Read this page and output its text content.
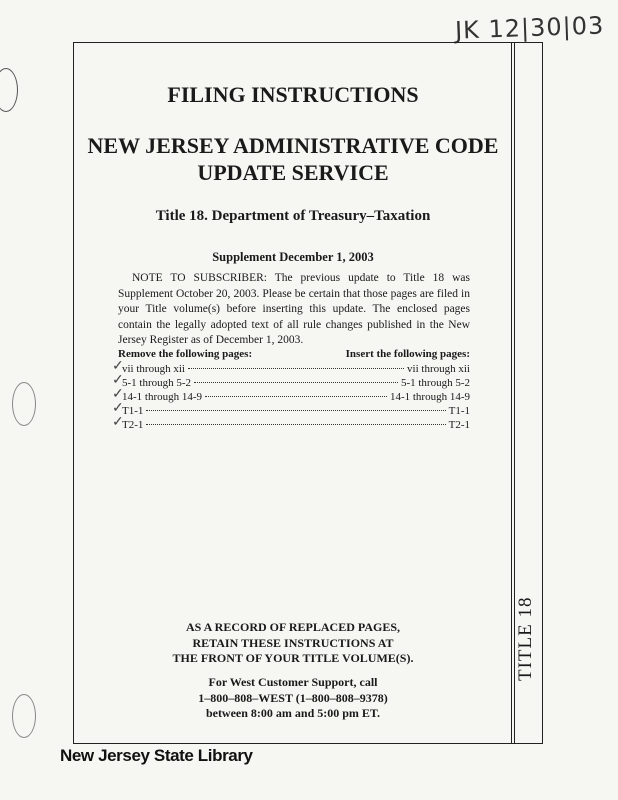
JK 12|30|03
TITLE 18
FILING INSTRUCTIONS
NEW JERSEY ADMINISTRATIVE CODE
UPDATE SERVICE
Title 18. Department of Treasury–Taxation
Supplement December 1, 2003
NOTE TO SUBSCRIBER: The previous update to Title 18 was Supplement October 20, 2003. Please be certain that those pages are filed in your Title volume(s) before inserting this update. The enclosed pages contain the legally adopted text of all rule changes published in the New Jersey Register as of December 1, 2003.
Remove the following pages:	Insert the following pages:
✓
vii through xii	vii through xii
✓
5-1 through 5-2	5-1 through 5-2
✓
14-1 through 14-9	14-1 through 14-9
✓
T1-1	T1-1
✓
T2-1	T2-1
AS A RECORD OF REPLACED PAGES,
RETAIN THESE INSTRUCTIONS AT
THE FRONT OF YOUR TITLE VOLUME(S).
For West Customer Support, call
1–800–808–WEST (1–800–808–9378)
between 8:00 am and 5:00 pm ET.
New Jersey State Library
